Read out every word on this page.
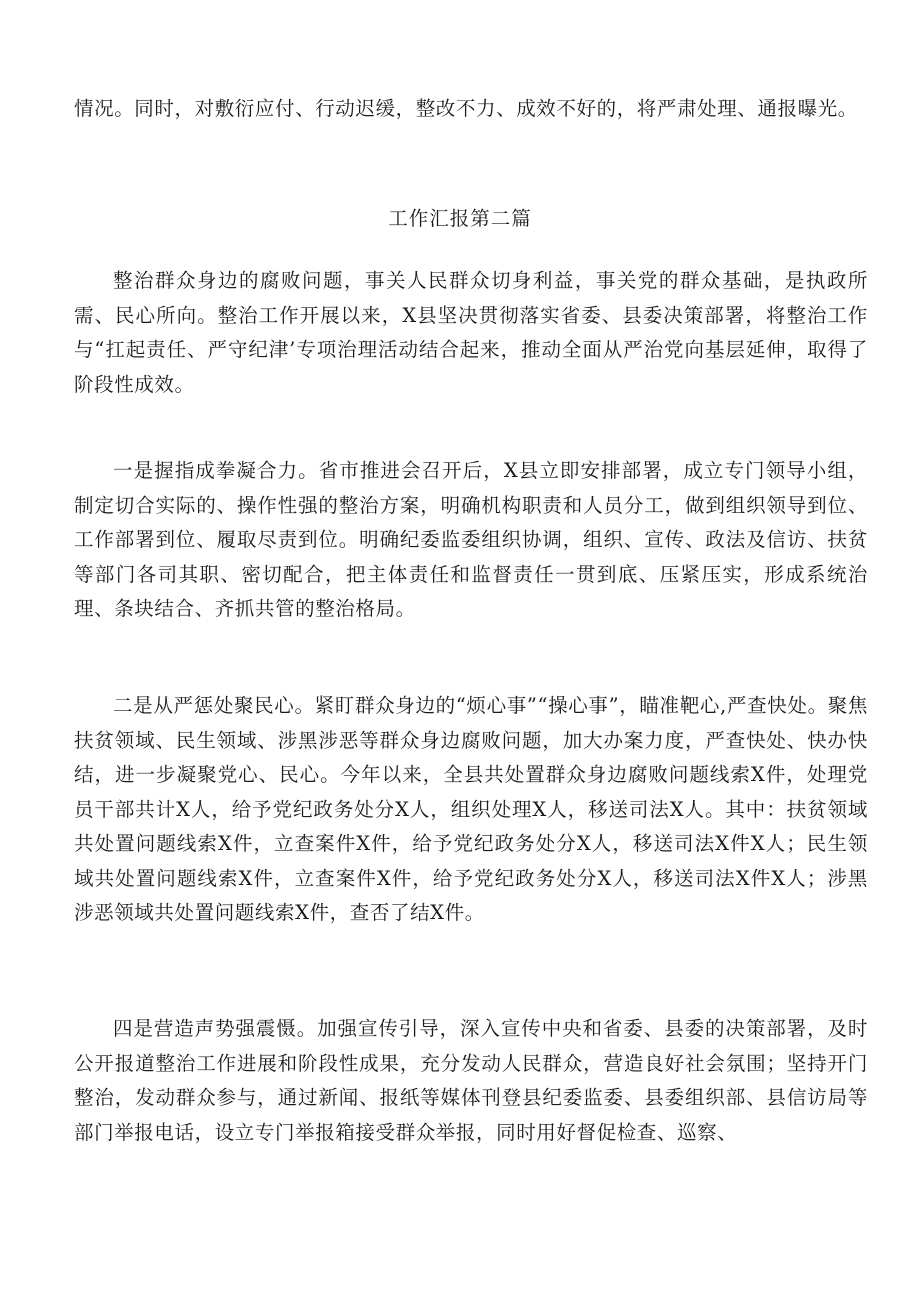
情况。同时，对敷衍应付、行动迟缓，整改不力、成效不好的，将严肃处理、通报曝光。

工作汇报第二篇

整治群众身边的腐败问题，事关人民群众切身利益，事关党的群众基础，是执政所需、民心所向。整治工作开展以来，X县坚决贯彻落实省委、县委决策部署，将整治工作与“扛起责任、严守纪津’专项治理活动结合起来，推动全面从严治党向基层延伸，取得了阶段性成效。

一是握指成拳凝合力。省市推进会召开后，X县立即安排部署，成立专门领导小组，制定切合实际的、操作性强的整治方案，明确机构职责和人员分工，做到组织领导到位、工作部署到位、履取尽责到位。明确纪委监委组织协调，组织、宣传、政法及信访、扶贫等部门各司其职、密切配合，把主体责任和监督责任一贯到底、压紧压实，形成系统治理、条块结合、齐抓共管的整治格局。

二是从严惩处聚民心。紧盯群众身边的“烦心事”“操心事”，瞄准靶心,严查快处。聚焦扶贫领域、民生领域、涉黑涉恶等群众身边腐败问题，加大办案力度，严查快处、快办快结，进一步凝聚党心、民心。今年以来，全县共处置群众身边腐败问题线索X件，处理党员干部共计X人，给予党纪政务处分X人，组织处理X人，移送司法X人。其中：扶贫领域共处置问题线索X件，立查案件X件，给予党纪政务处分X人，移送司法X件X人；民生领域共处置问题线索X件，立查案件X件，给予党纪政务处分X人，移送司法X件X人；涉黑涉恶领域共处置问题线索X件，查否了结X件。

四是营造声势强震慑。加强宣传引导，深入宣传中央和省委、县委的决策部署，及时公开报道整治工作进展和阶段性成果，充分发动人民群众，营造良好社会氛围；坚持开门整治，发动群众参与，通过新闻、报纸等媒体刊登县纪委监委、县委组织部、县信访局等部门举报电话，设立专门举报箱接受群众举报，同时用好督促检查、巡察、
